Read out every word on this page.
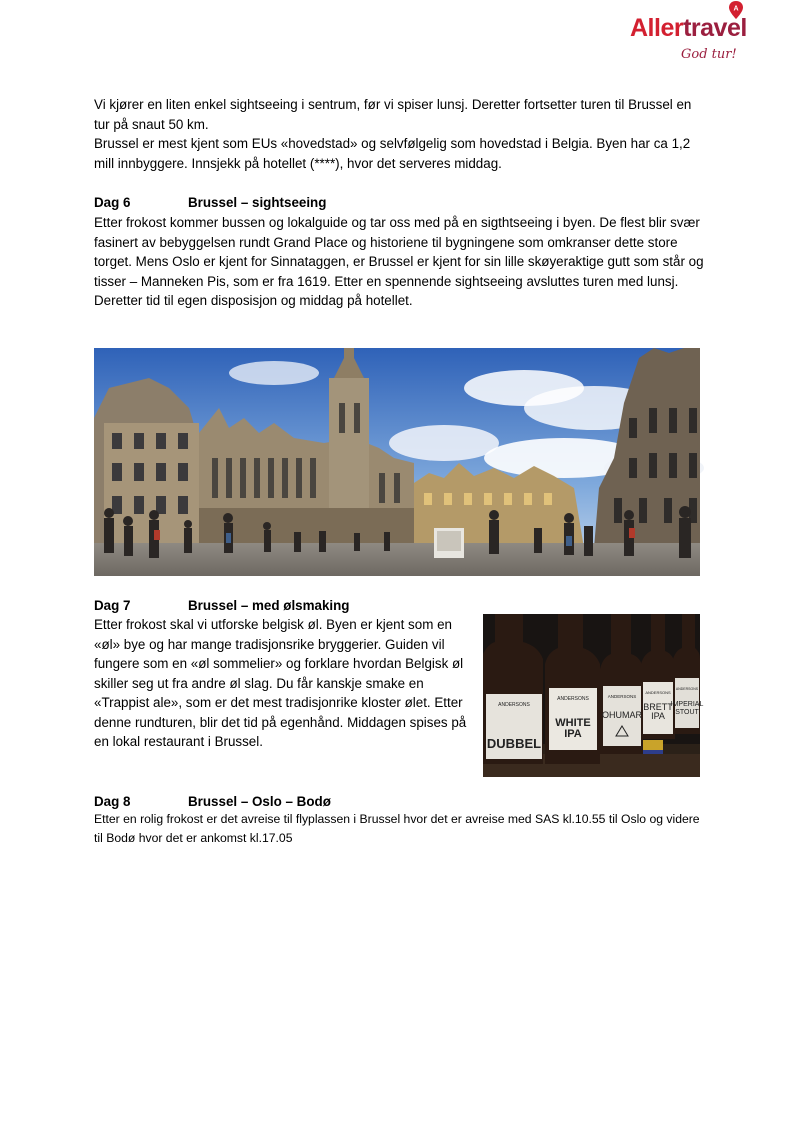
A
Allertravel
God tur!

Vi kjører en liten enkel sightseeing i sentrum, før vi spiser lunsj. Deretter fortsetter turen til Brussel en tur på snaut 50 km.

Brussel er mest kjent som EUs «hovedstad» og selvfølgelig som hovedstad i Belgia. Byen har ca 1,2 mill innbyggere. Innsjekk på hotellet (****), hvor det serveres middag.

Dag 6	Brussel – sightseeing

Etter frokost kommer bussen og lokalguide og tar oss med på en sigthtseeing i byen. De flest blir svær fasinert av bebyggelsen rundt Grand Place og historiene til bygningene som omkranser dette store torget. Mens Oslo er kjent for Sinnataggen, er Brussel er kjent for sin lille skøyeraktige gutt som står og tisser – Manneken Pis, som er fra 1619. Etter en spennende sightseeing avsluttes turen med lunsj. Deretter tid til egen disposisjon og middag på hotellet.

Dag 7	Brussel – med ølsmaking

Etter frokost skal vi utforske belgisk øl. Byen er kjent som en «øl» bye og har mange tradisjonsrike bryggerier. Guiden vil fungere som en «øl sommelier» og forklare hvordan Belgisk øl skiller seg ut fra andre øl slag. Du får kanskje smake en «Trappist ale», som er det mest tradisjonrike kloster ølet. Etter denne rundturen, blir det tid på egenhånd. Middagen spises på en lokal restaurant i Brussel.

ANDERSONS
DUBBEL
ANDERSONS
WHITE
IPA
ANDERSONS
OHUMAR
ANDERSONS
BRETT
IPA
ANDERSONS
IMPERIAL
STOUT
Dag 8	Brussel – Oslo – Bodø

Etter en rolig frokost er det avreise til flyplassen i Brussel hvor det er avreise med SAS kl.10.55 til Oslo og videre til Bodø hvor det er ankomst kl.17.05
